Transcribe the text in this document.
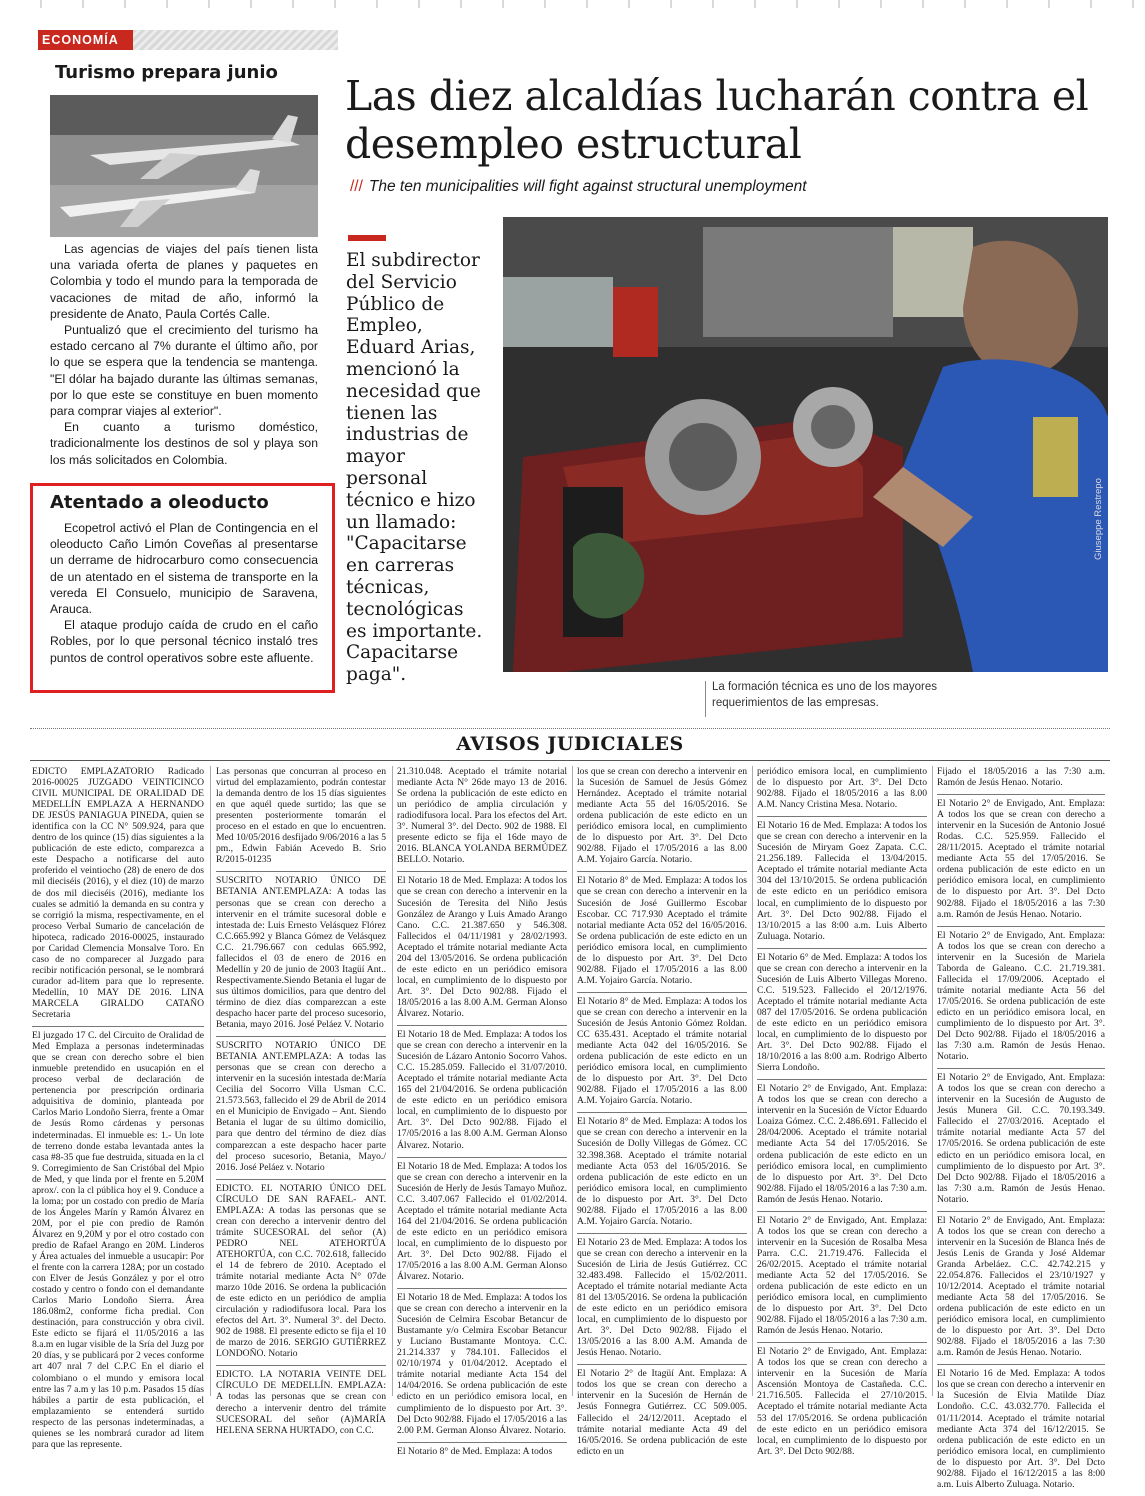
ECONOMÍA
Turismo prepara junio

Las agencias de viajes del país tienen lista una variada oferta de planes y paquetes en Colombia y todo el mundo para la temporada de vacaciones de mitad de año, informó la presidente de Anato, Paula Cortés Calle.

Puntualizó que el crecimiento del turismo ha estado cercano al 7% durante el último año, por lo que se espera que la tendencia se mantenga. "El dólar ha bajado durante las últimas semanas, por lo que este se constituye en buen momento para comprar viajes al exterior".

En cuanto a turismo doméstico, tradicionalmente los destinos de sol y playa son los más solicitados en Colombia.

Atentado a oleoducto

Ecopetrol activó el Plan de Contingencia en el oleoducto Caño Limón Coveñas al presentarse un derrame de hidrocarburo como consecuencia de un atentado en el sistema de transporte en la vereda El Consuelo, municipio de Saravena, Arauca.

El ataque produjo caída de crudo en el caño Robles, por lo que personal técnico instaló tres puntos de control operativos sobre este afluente.

Las diez alcaldías lucharán contra el desempleo estructural
/// The ten municipalities will fight against structural unemployment
El subdirector del Servicio Público de Empleo, Eduard Arias, mencionó la necesidad que tienen las industrias de mayor personal técnico e hizo un llamado: "Capacitarse en carreras técnicas, tecnológicas es importante. Capacitarse paga".
Giuseppe Restrepo
La formación técnica es uno de los mayores requerimientos de las empresas.
AVISOS JUDICIALES

EDICTO EMPLAZATORIO Radicado 2016-00025 JUZGADO VEINTICINCO CIVIL MUNICIPAL DE ORALIDAD DE MEDELLÍN EMPLAZA A HERNANDO DE JESÚS PANIAGUA PINEDA, quien se identifica con la CC N° 509.924, para que dentro de los quince (15) días siguientes a la publicación de este edicto, comparezca a este Despacho a notificarse del auto proferido el veintiocho (28) de enero de dos mil dieciséis (2016), y el diez (10) de marzo de dos mil dieciséis (2016), mediante los cuales se admitió la demanda en su contra y se corrigió la misma, respectivamente, en el proceso Verbal Sumario de cancelación de hipoteca, radicado 2016-00025, instaurado por Caridad Clemencia Monsalve Toro. En caso de no comparecer al Juzgado para recibir notificación personal, se le nombrará curador ad-litem para que lo represente. Medellín, 10 MAY DE 2016. LINA MARCELA GIRALDO CATAÑO Secretaria

El juzgado 17 C. del Circuito de Oralidad de Med Emplaza a personas indeterminadas que se crean con derecho sobre el bien inmueble pretendido en usucapión en el proceso verbal de declaración de pertenencia por prescripción ordinaria adquisitiva de dominio, planteada por Carlos Mario Londoño Sierra, frente a Omar de Jesús Romo cárdenas y personas indeterminadas. El inmueble es: 1.- Un lote de terreno donde estaba levantada antes la casa #8-35 que fue destruida, situada en la cl 9. Corregimiento de San Cristóbal del Mpio de Med, y que linda por el frente en 5.20M aprox/. con la cl pública hoy el 9. Conduce a la loma; por un costado con predio de María de los Ángeles Marín y Ramón Álvarez en 20M, por el pie con predio de Ramón Álvarez en 9,20M y por el otro costado con predio de Rafael Arango en 20M. Linderos y Área actuales del inmueble a usucapir: Por el frente con la carrera 128A; por un costado con Elver de Jesús González y por el otro costado y centro o fondo con el demandante Carlos Mario Londoño Sierra. Área 186.08m2, conforme ficha predial. Con destinación, para construcción y obra civil. Este edicto se fijará el 11/05/2016 a las 8.a.m en lugar visible de la Sría del Juzg por 20 días, y se publicará por 2 veces conforme art 407 nral 7 del C.P.C En el diario el colombiano o el mundo y emisora local entre las 7 a.m y las 10 p.m. Pasados 15 días hábiles a partir de esta publicación, el emplazamiento se entenderá surtido respecto de las personas indeterminadas, a quienes se les nombrará curador ad litem para que las represente.

Las personas que concurran al proceso en virtud del emplazamiento, podrán contestar la demanda dentro de los 15 días siguientes en que aquél quede surtido; las que se presenten posteriormente tomarán el proceso en el estado en que lo encuentren. Med 10/05/2016 desfijado 9/06/2016 a las 5 pm., Edwin Fabián Acevedo B. Srio R/2015-01235

SUSCRITO NOTARIO ÚNICO DE BETANIA ANT.EMPLAZA: A todas las personas que se crean con derecho a intervenir en el trámite sucesoral doble e intestada de: Luis Ernesto Velásquez Flórez C.C.665.992 y Blanca Gómez de Velásquez C.C. 21.796.667 con cedulas 665.992, fallecidos el 03 de enero de 2016 en Medellín y 20 de junio de 2003 Itagüí Ant.. Respectivamente.Siendo Betania el lugar de sus últimos domicilios, para que dentro del término de diez días comparezcan a este despacho hacer parte del proceso sucesorio, Betania, mayo 2016. José Peláez V. Notario

SUSCRITO NOTARIO ÚNICO DE BETANIA ANT.EMPLAZA: A todas las personas que se crean con derecho a intervenir en la sucesión intestada de:María Cecilia del Socorro Villa Usman C.C. 21.573.563, fallecido el 29 de Abril de 2014 en el Municipio de Envigado – Ant. Siendo Betania el lugar de su último domicilio, para que dentro del término de diez días comparezcan a este despacho hacer parte del proceso sucesorio, Betania, Mayo./ 2016. José Peláez v. Notario

EDICTO. EL NOTARIO ÚNICO DEL CÍRCULO DE SAN RAFAEL- ANT. EMPLAZA: A todas las personas que se crean con derecho a intervenir dentro del trámite SUCESORAL del señor (A) PEDRO NEL ATEHORTÚA ATEHORTÚA, con C.C. 702.618, fallecido el 14 de febrero de 2010. Aceptado el trámite notarial mediante Acta N° 07de marzo 10de 2016. Se ordena la publicación de este edicto en un periódico de amplia circulación y radiodifusora local. Para los efectos del Art. 3°. Numeral 3°. del Decto. 902 de 1988. El presente edicto se fija el 10 de marzo de 2016. SERGIO GUTIÉRREZ LONDOÑO. Notario

EDICTO. LA NOTARIA VEINTE DEL CÍRCULO DE MEDELLÍN. EMPLAZA: A todas las personas que se crean con derecho a intervenir dentro del trámite SUCESORAL del señor (A)MARÍA HELENA SERNA HURTADO, con C.C.

21.310.048. Aceptado el trámite notarial mediante Acta N° 26de mayo 13 de 2016. Se ordena la publicación de este edicto en un periódico de amplia circulación y radiodifusora local. Para los efectos del Art. 3°. Numeral 3°. del Decto. 902 de 1988. El presente edicto se fija el 16de mayo de 2016. BLANCA YOLANDA BERMÚDEZ BELLO. Notario.

El Notario 18 de Med. Emplaza: A todos los que se crean con derecho a intervenir en la Sucesión de Teresita del Niño Jesús González de Arango y Luis Amado Arango Cano. C.C. 21.387.650 y 546.308. Fallecidos el 04/11/1981 y 28/02/1993. Aceptado el trámite notarial mediante Acta 204 del 13/05/2016. Se ordena publicación de este edicto en un periódico emisora local, en cumplimiento de lo dispuesto por Art. 3°. Del Dcto 902/88. Fijado el 18/05/2016 a las 8.00 A.M. German Alonso Álvarez. Notario.

El Notario 18 de Med. Emplaza: A todos los que se crean con derecho a intervenir en la Sucesión de Lázaro Antonio Socorro Vahos. C.C. 15.285.059. Fallecido el 31/07/2010. Aceptado el trámite notarial mediante Acta 165 del 21/04/2016. Se ordena publicación de este edicto en un periódico emisora local, en cumplimiento de lo dispuesto por Art. 3°. Del Dcto 902/88. Fijado el 17/05/2016 a las 8.00 A.M. German Alonso Álvarez. Notario.

El Notario 18 de Med. Emplaza: A todos los que se crean con derecho a intervenir en la Sucesión de Herly de Jesús Tamayo Muñoz. C.C. 3.407.067 Fallecido el 01/02/2014. Aceptado el trámite notarial mediante Acta 164 del 21/04/2016. Se ordena publicación de este edicto en un periódico emisora local, en cumplimiento de lo dispuesto por Art. 3°. Del Dcto 902/88. Fijado el 17/05/2016 a las 8.00 A.M. German Alonso Álvarez. Notario.

El Notario 18 de Med. Emplaza: A todos los que se crean con derecho a intervenir en la Sucesión de Celmira Escobar Betancur de Bustamante y/o Celmira Escobar Betancur y Luciano Bustamante Montoya. C.C. 21.214.337 y 784.101. Fallecidos el 02/10/1974 y 01/04/2012. Aceptado el trámite notarial mediante Acta 154 del 14/04/2016. Se ordena publicación de este edicto en un periódico emisora local, en cumplimiento de lo dispuesto por Art. 3°. Del Dcto 902/88. Fijado el 17/05/2016 a las 2.00 P.M. German Alonso Álvarez. Notario.

El Notario 8° de Med. Emplaza: A todos

los que se crean con derecho a intervenir en la Sucesión de Samuel de Jesús Gómez Hernández. Aceptado el trámite notarial mediante Acta 55 del 16/05/2016. Se ordena publicación de este edicto en un periódico emisora local, en cumplimiento de lo dispuesto por Art. 3°. Del Dcto 902/88. Fijado el 17/05/2016 a las 8.00 A.M. Yojairo García. Notario.

El Notario 8° de Med. Emplaza: A todos los que se crean con derecho a intervenir en la Sucesión de José Guillermo Escobar Escobar. CC 717.930 Aceptado el trámite notarial mediante Acta 052 del 16/05/2016. Se ordena publicación de este edicto en un periódico emisora local, en cumplimiento de lo dispuesto por Art. 3°. Del Dcto 902/88. Fijado el 17/05/2016 a las 8.00 A.M. Yojairo García. Notario.

El Notario 8° de Med. Emplaza: A todos los que se crean con derecho a intervenir en la Sucesión de Jesús Antonio Gómez Roldan. CC 635.431. Aceptado el trámite notarial mediante Acta 042 del 16/05/2016. Se ordena publicación de este edicto en un periódico emisora local, en cumplimiento de lo dispuesto por Art. 3°. Del Dcto 902/88. Fijado el 17/05/2016 a las 8.00 A.M. Yojairo García. Notario.

El Notario 8° de Med. Emplaza: A todos los que se crean con derecho a intervenir en la Sucesión de Dolly Villegas de Gómez. CC 32.398.368. Aceptado el trámite notarial mediante Acta 053 del 16/05/2016. Se ordena publicación de este edicto en un periódico emisora local, en cumplimiento de lo dispuesto por Art. 3°. Del Dcto 902/88. Fijado el 17/05/2016 a las 8.00 A.M. Yojairo García. Notario.

El Notario 23 de Med. Emplaza: A todos los que se crean con derecho a intervenir en la Sucesión de Liria de Jesús Gutiérrez. CC 32.483.498. Fallecido el 15/02/2011. Aceptado el trámite notarial mediante Acta 81 del 13/05/2016. Se ordena la publicación de este edicto en un periódico emisora local, en cumplimiento de lo dispuesto por Art. 3°. Del Dcto 902/88. Fijado el 13/05/2016 a las 8.00 A.M. Amanda de Jesús Henao. Notario.

El Notario 2° de Itagüí Ant. Emplaza: A todos los que se crean con derecho a intervenir en la Sucesión de Hernán de Jesús Fonnegra Gutiérrez. CC 509.005. Fallecido el 24/12/2011. Aceptado el trámite notarial mediante Acta 49 del 16/05/2016. Se ordena publicación de este edicto en un

periódico emisora local, en cumplimiento de lo dispuesto por Art. 3°. Del Dcto 902/88. Fijado el 18/05/2016 a las 8.00 A.M. Nancy Cristina Mesa. Notario.

El Notario 16 de Med. Emplaza: A todos los que se crean con derecho a intervenir en la Sucesión de Miryam Goez Zapata. C.C. 21.256.189. Fallecida el 13/04/2015. Aceptado el trámite notarial mediante Acta 304 del 13/10/2015. Se ordena publicación de este edicto en un periódico emisora local, en cumplimiento de lo dispuesto por Art. 3°. Del Dcto 902/88. Fijado el 13/10/2015 a las 8:00 a.m. Luis Alberto Zuluaga. Notario.

El Notario 6° de Med. Emplaza: A todos los que se crean con derecho a intervenir en la Sucesión de Luis Alberto Villegas Moreno. C.C. 519.523. Fallecido el 20/12/1976. Aceptado el trámite notarial mediante Acta 087 del 17/05/2016. Se ordena publicación de este edicto en un periódico emisora local, en cumplimiento de lo dispuesto por Art. 3°. Del Dcto 902/88. Fijado el 18/10/2016 a las 8:00 a.m. Rodrigo Alberto Sierra Londoño.

El Notario 2° de Envigado, Ant. Emplaza: A todos los que se crean con derecho a intervenir en la Sucesión de Víctor Eduardo Loaiza Gómez. C.C. 2.486.691. Fallecido el 28/04/2006. Aceptado el trámite notarial mediante Acta 54 del 17/05/2016. Se ordena publicación de este edicto en un periódico emisora local, en cumplimiento de lo dispuesto por Art. 3°. Del Dcto 902/88. Fijado el 18/05/2016 a las 7:30 a.m. Ramón de Jesús Henao. Notario.

El Notario 2° de Envigado, Ant. Emplaza: A todos los que se crean con derecho a intervenir en la Sucesión de Rosalba Mesa Parra. C.C. 21.719.476. Fallecida el 26/02/2015. Aceptado el trámite notarial mediante Acta 52 del 17/05/2016. Se ordena publicación de este edicto en un periódico emisora local, en cumplimiento de lo dispuesto por Art. 3°. Del Dcto 902/88. Fijado el 18/05/2016 a las 7:30 a.m. Ramón de Jesús Henao. Notario.

El Notario 2° de Envigado, Ant. Emplaza: A todos los que se crean con derecho a intervenir en la Sucesión de María Ascensión Montoya de Castañeda. C.C. 21.716.505. Fallecida el 27/10/2015. Aceptado el trámite notarial mediante Acta 53 del 17/05/2016. Se ordena publicación de este edicto en un periódico emisora local, en cumplimiento de lo dispuesto por Art. 3°. Del Dcto 902/88.

Fijado el 18/05/2016 a las 7:30 a.m. Ramón de Jesús Henao. Notario.

El Notario 2° de Envigado, Ant. Emplaza: A todos los que se crean con derecho a intervenir en la Sucesión de Antonio Josué Rodas. C.C. 525.959. Fallecido el 28/11/2015. Aceptado el trámite notarial mediante Acta 55 del 17/05/2016. Se ordena publicación de este edicto en un periódico emisora local, en cumplimiento de lo dispuesto por Art. 3°. Del Dcto 902/88. Fijado el 18/05/2016 a las 7:30 a.m. Ramón de Jesús Henao. Notario.

El Notario 2° de Envigado, Ant. Emplaza: A todos los que se crean con derecho a intervenir en la Sucesión de Mariela Taborda de Galeano. C.C. 21.719.381. Fallecida el 17/09/2006. Aceptado el trámite notarial mediante Acta 56 del 17/05/2016. Se ordena publicación de este edicto en un periódico emisora local, en cumplimiento de lo dispuesto por Art. 3°. Del Dcto 902/88. Fijado el 18/05/2016 a las 7:30 a.m. Ramón de Jesús Henao. Notario.

El Notario 2° de Envigado, Ant. Emplaza: A todos los que se crean con derecho a intervenir en la Sucesión de Augusto de Jesús Munera Gil. C.C. 70.193.349. Fallecido el 27/03/2016. Aceptado el trámite notarial mediante Acta 57 del 17/05/2016. Se ordena publicación de este edicto en un periódico emisora local, en cumplimiento de lo dispuesto por Art. 3°. Del Dcto 902/88. Fijado el 18/05/2016 a las 7:30 a.m. Ramón de Jesús Henao. Notario.

El Notario 2° de Envigado, Ant. Emplaza: A todos los que se crean con derecho a intervenir en la Sucesión de Blanca Inés de Jesús Lenis de Granda y José Aldemar Granda Arbeláez. C.C. 42.742.215 y 22.054.876. Fallecidos el 23/10/1927 y 10/12/2014. Aceptado el trámite notarial mediante Acta 58 del 17/05/2016. Se ordena publicación de este edicto en un periódico emisora local, en cumplimiento de lo dispuesto por Art. 3°. Del Dcto 902/88. Fijado el 18/05/2016 a las 7:30 a.m. Ramón de Jesús Henao. Notario.

El Notario 16 de Med. Emplaza: A todos los que se crean con derecho a intervenir en la Sucesión de Elvia Matilde Díaz Londoño. C.C. 43.032.770. Fallecida el 01/11/2014. Aceptado el trámite notarial mediante Acta 374 del 16/12/2015. Se ordena publicación de este edicto en un periódico emisora local, en cumplimiento de lo dispuesto por Art. 3°. Del Dcto 902/88. Fijado el 16/12/2015 a las 8:00 a.m. Luis Alberto Zuluaga. Notario.
